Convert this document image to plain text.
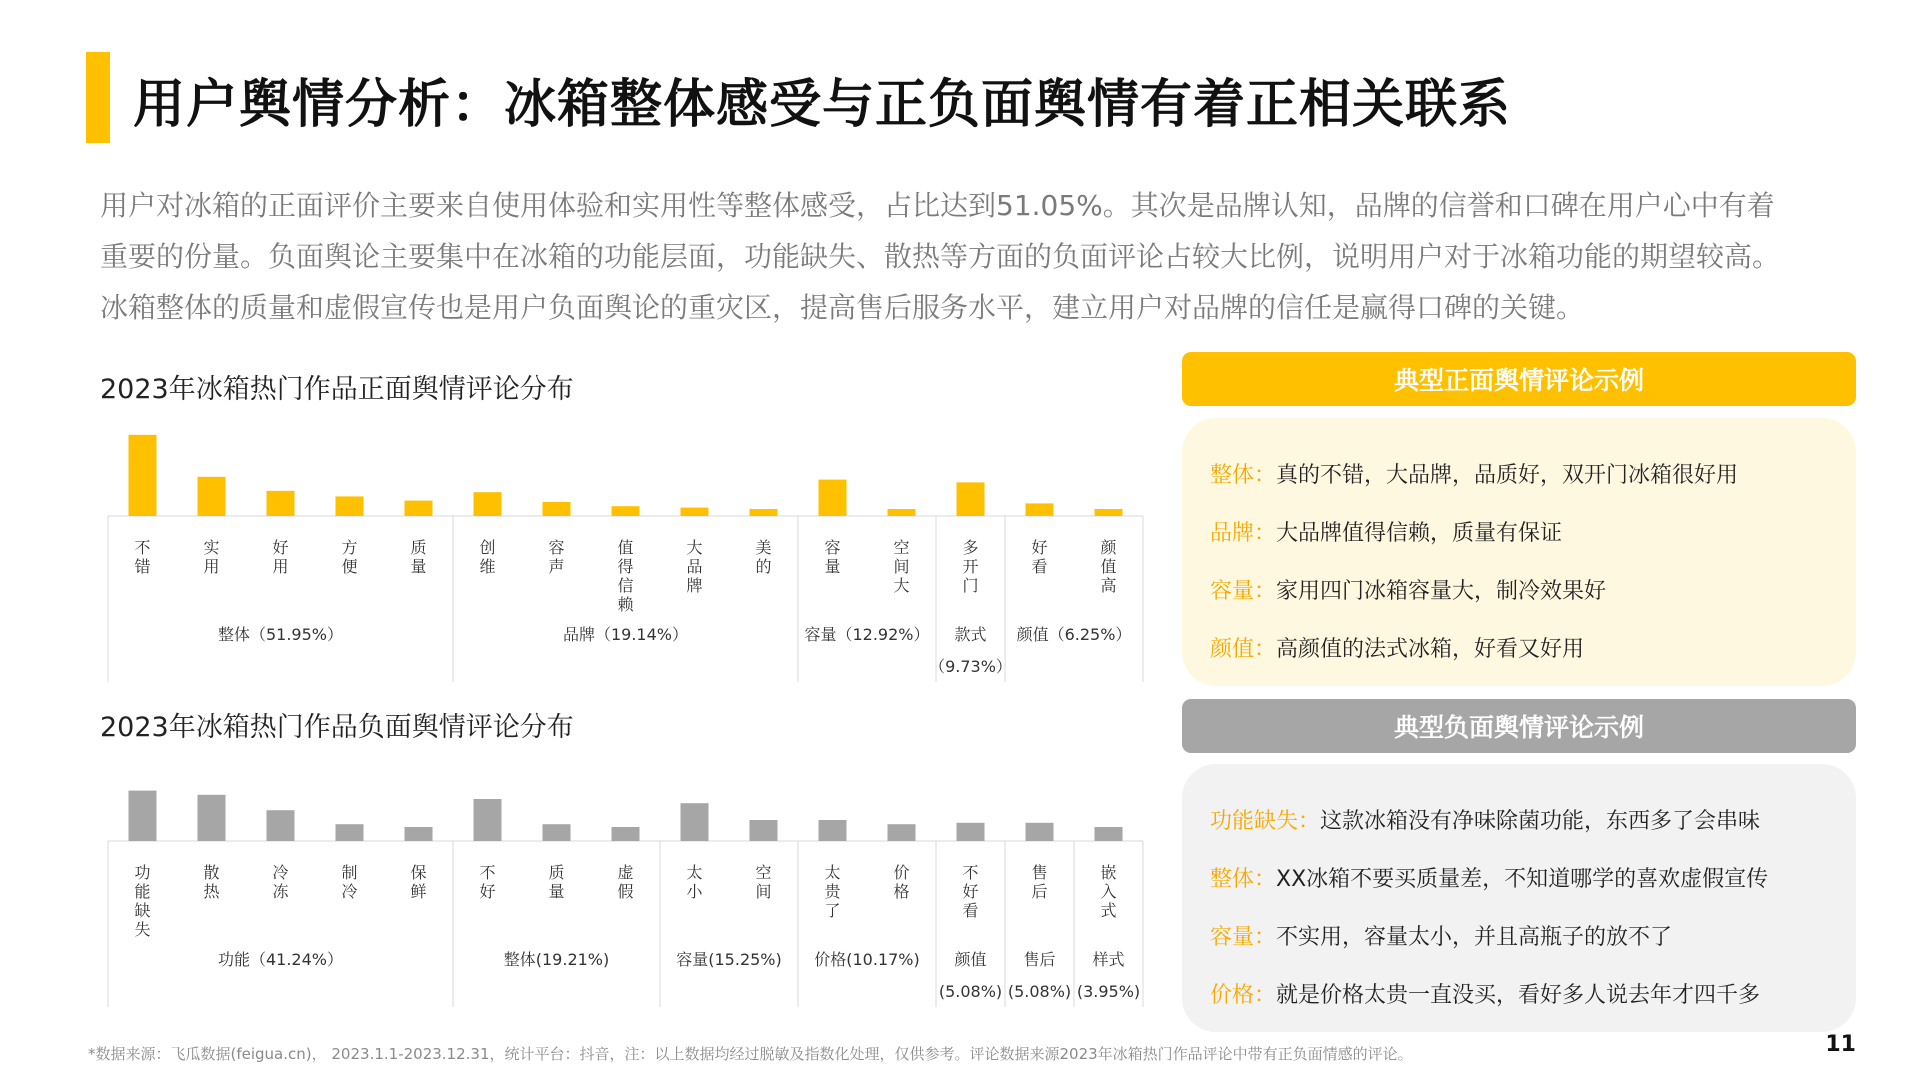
用户舆情分析：冰箱整体感受与正负面舆情有着正相关联系
用户对冰箱的正面评价主要来自使用体验和实用性等整体感受，占比达到51.05%。其次是品牌认知，品牌的信誉和口碑在用户心中有着
重要的份量。负面舆论主要集中在冰箱的功能层面，功能缺失、散热等方面的负面评论占较大比例，说明用户对于冰箱功能的期望较高。
冰箱整体的质量和虚假宣传也是用户负面舆论的重灾区，提高售后服务水平，建立用户对品牌的信任是赢得口碑的关键。
2023年冰箱热门作品正面舆情评论分布
不错
实用
好用
方便
质量
创维
容声
值得信赖
大品牌
美的
容量
空间大
多开门
好看
颜值高
整体（51.95%）	品牌（19.14%）	容量（12.92%）	款式（9.73%）
颜值（6.25%）
2023年冰箱热门作品负面舆情评论分布
功能缺失
散热
冷冻
制冷
保鲜
不好
质量
虚假
太小
空间
太贵了
价格
不好看
售后
嵌入式
功能（41.24%）	整体(19.21%)	容量(15.25%) 价格(10.17%)	颜值(5.08%)
售后(5.08%)
样式(3.95%)
典型正面舆情评论示例
整体：真的不错，大品牌，品质好，双开门冰箱很好用
品牌：大品牌值得信赖，质量有保证
容量：家用四门冰箱容量大，制冷效果好
颜值：高颜值的法式冰箱，好看又好用
典型负面舆情评论示例
功能缺失：这款冰箱没有净味除菌功能，东西多了会串味
整体：XX冰箱不要买质量差，不知道哪学的喜欢虚假宣传
容量：不实用，容量太小，并且高瓶子的放不了
价格：就是价格太贵一直没买，看好多人说去年才四千多
*数据来源：飞瓜数据(feigua.cn)， 2023.1.1-2023.12.31，统计平台：抖音，注：以上数据均经过脱敏及指数化处理，仅供参考。评论数据来源2023年冰箱热门作品评论中带有正负面情感的评论。	11
